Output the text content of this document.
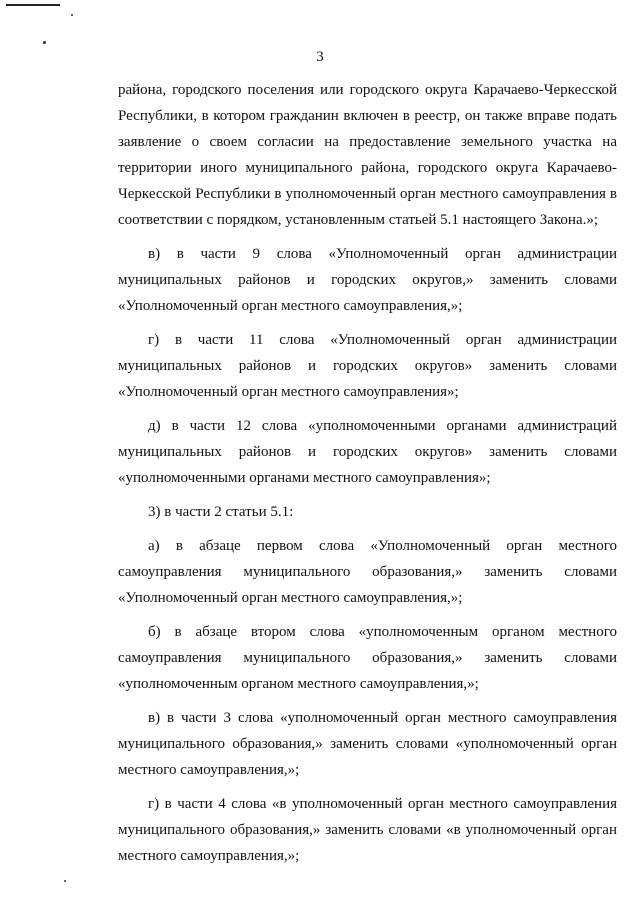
3

района, городского поселения или городского округа Карачаево-Черкесской Республики, в котором гражданин включен в реестр, он также вправе подать заявление о своем согласии на предоставление земельного участка на территории иного муниципального района, городского округа Карачаево-Черкесской Республики в уполномоченный орган местного самоуправления в соответствии с порядком, установленным статьей 5.1 настоящего Закона.»;

в) в части 9 слова «Уполномоченный орган администрации муниципальных районов и городских округов,» заменить словами «Уполномоченный орган местного самоуправления,»;

г) в части 11 слова «Уполномоченный орган администрации муниципальных районов и городских округов» заменить словами «Уполномоченный орган местного самоуправления»;

д) в части 12 слова «уполномоченными органами администраций муниципальных районов и городских округов» заменить словами «уполномоченными органами местного самоуправления»;

3) в части 2 статьи 5.1:

а) в абзаце первом слова «Уполномоченный орган местного самоуправления муниципального образования,» заменить словами «Уполномоченный орган местного самоуправления,»;

б) в абзаце втором слова «уполномоченным органом местного самоуправления муниципального образования,» заменить словами «уполномоченным органом местного самоуправления,»;

в) в части 3 слова «уполномоченный орган местного самоуправления муниципального образования,» заменить словами «уполномоченный орган местного самоуправления,»;

г) в части 4 слова «в уполномоченный орган местного самоуправления муниципального образования,» заменить словами «в уполномоченный орган местного самоуправления,»;
